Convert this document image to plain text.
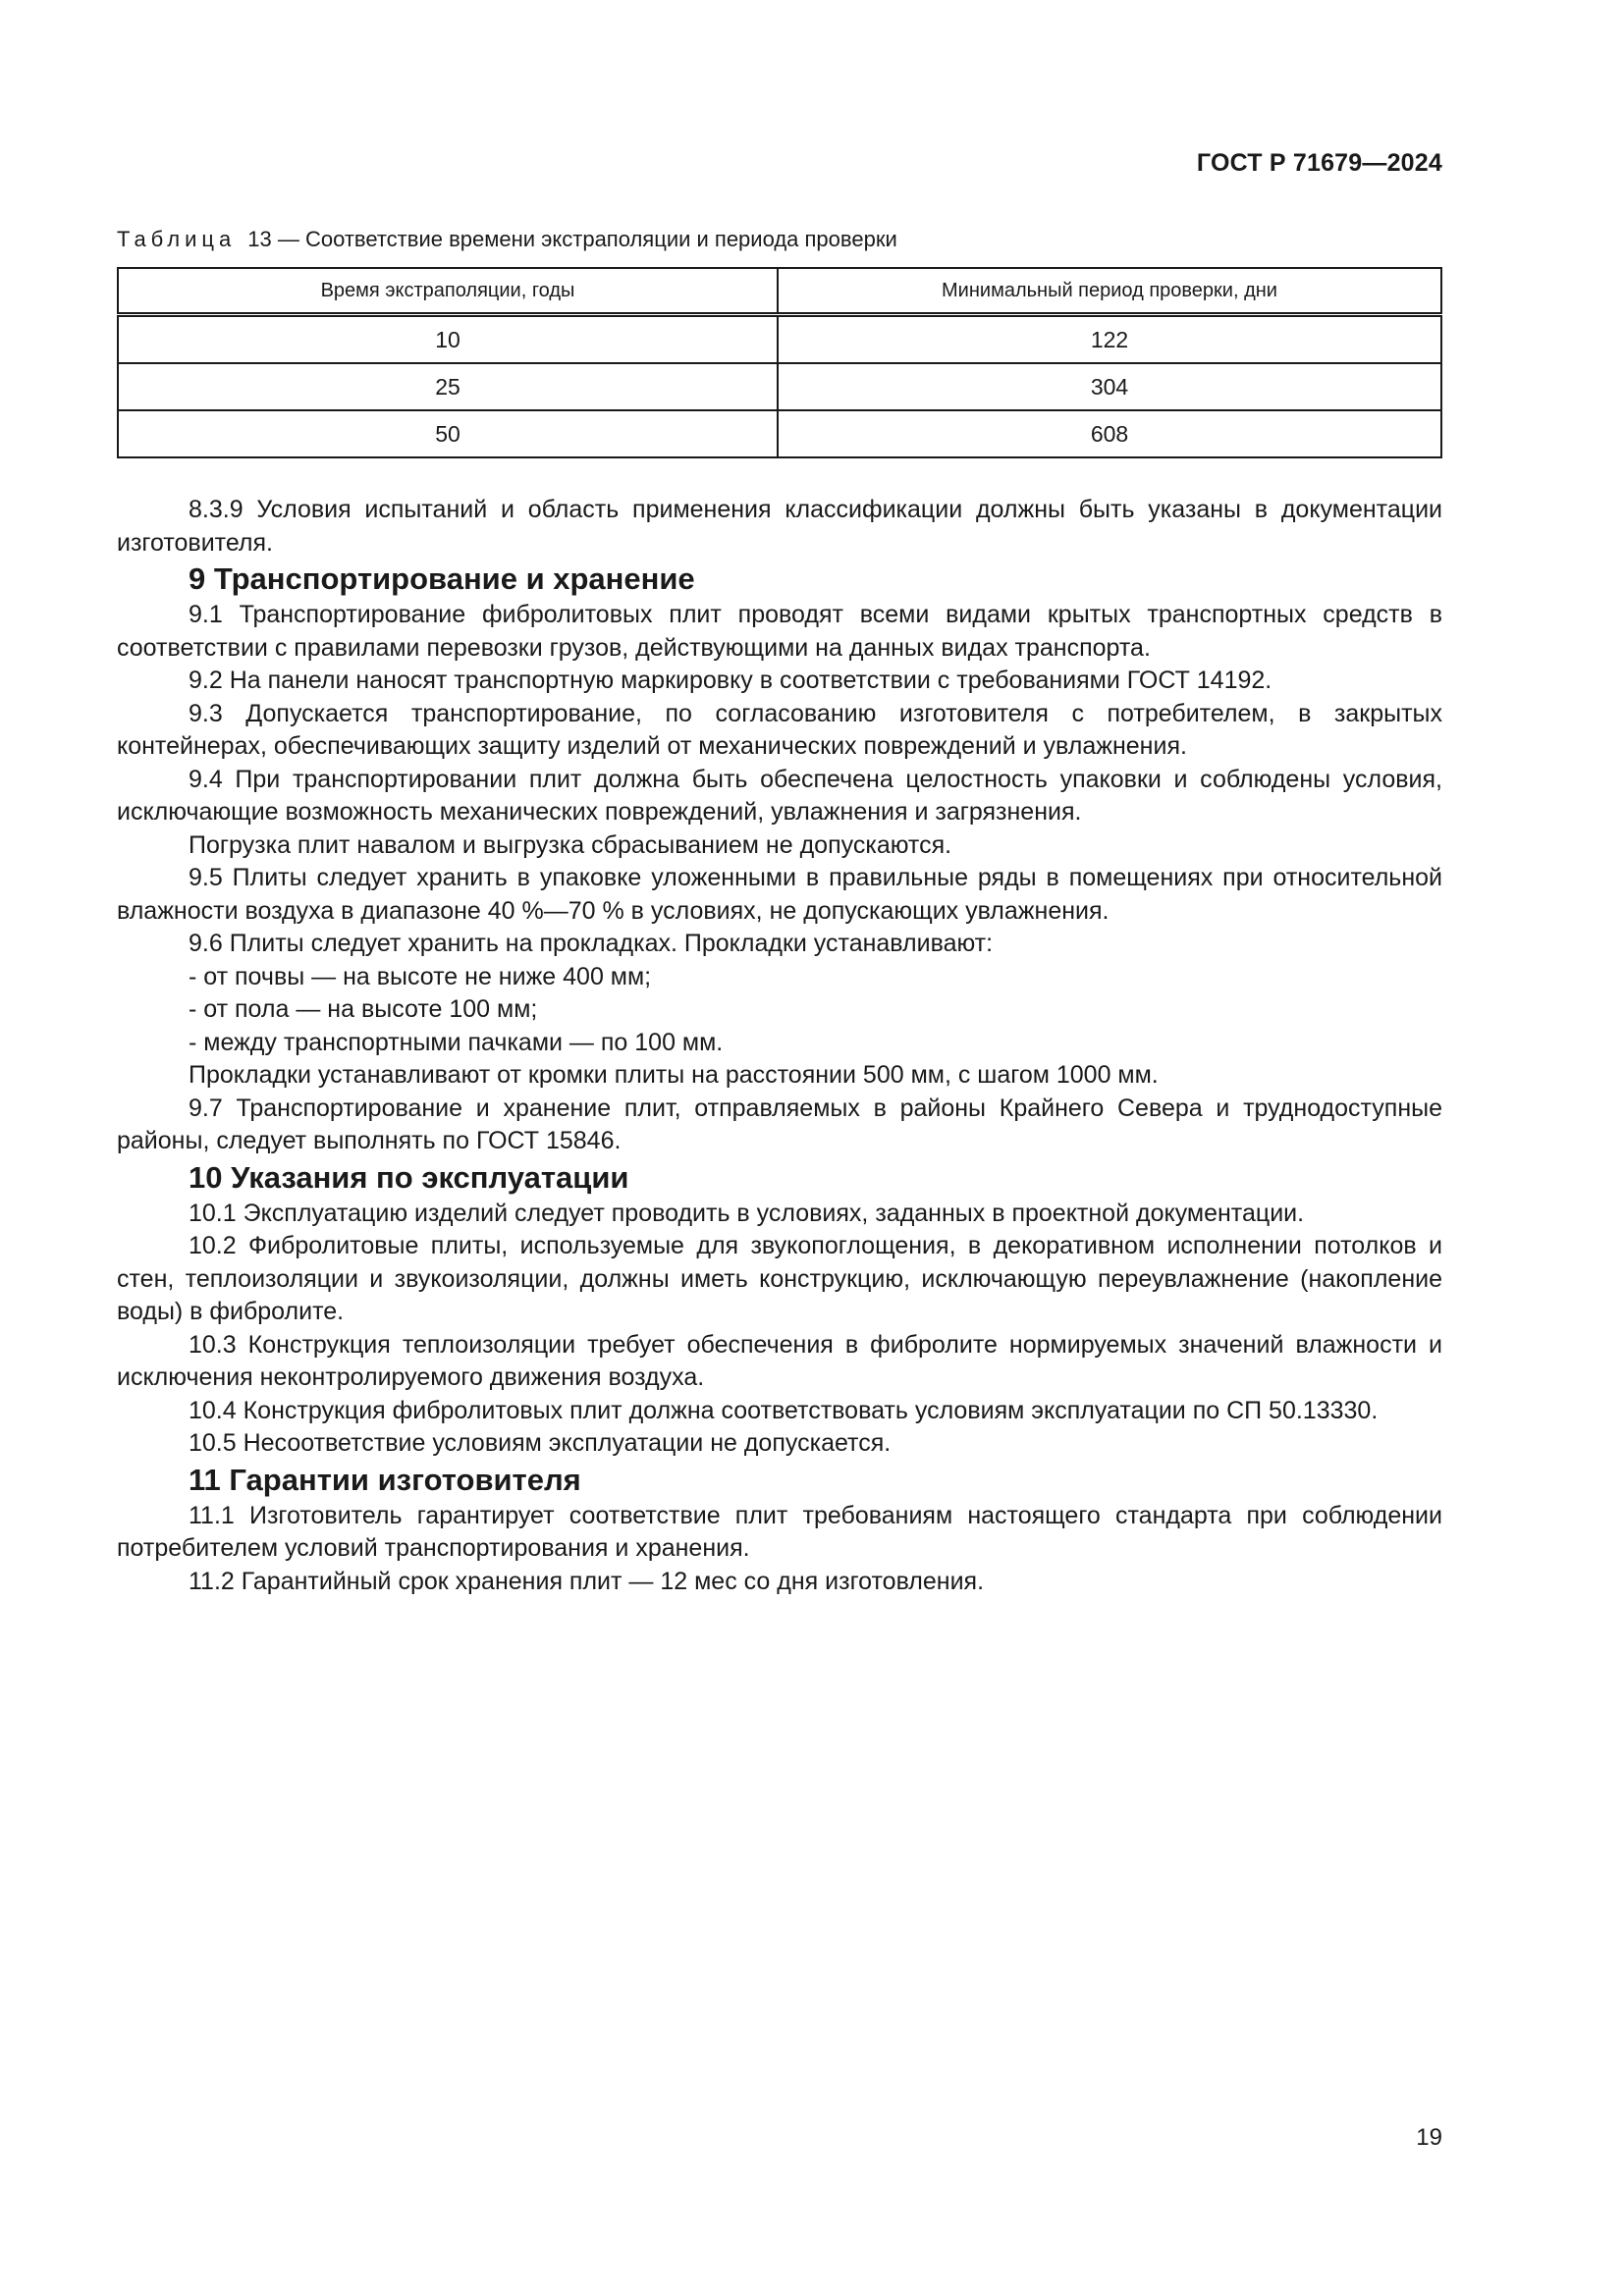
ГОСТ Р 71679—2024
Таблица 13 — Соответствие времени экстраполяции и периода проверки
Время экстраполяции, годы	Минимальный период проверки, дни
10	122
25	304
50	608

8.3.9 Условия испытаний и область применения классификации должны быть указаны в документации изготовителя.

9 Транспортирование и хранение

9.1 Транспортирование фибролитовых плит проводят всеми видами крытых транспортных средств в соответствии с правилами перевозки грузов, действующими на данных видах транспорта.

9.2 На панели наносят транспортную маркировку в соответствии с требованиями ГОСТ 14192.

9.3 Допускается транспортирование, по согласованию изготовителя с потребителем, в закрытых контейнерах, обеспечивающих защиту изделий от механических повреждений и увлажнения.

9.4 При транспортировании плит должна быть обеспечена целостность упаковки и соблюдены условия, исключающие возможность механических повреждений, увлажнения и загрязнения.

Погрузка плит навалом и выгрузка сбрасыванием не допускаются.

9.5 Плиты следует хранить в упаковке уложенными в правильные ряды в помещениях при относительной влажности воздуха в диапазоне 40 %—70 % в условиях, не допускающих увлажнения.

9.6 Плиты следует хранить на прокладках. Прокладки устанавливают:

- от почвы — на высоте не ниже 400 мм;

- от пола — на высоте 100 мм;

- между транспортными пачками — по 100 мм.

Прокладки устанавливают от кромки плиты на расстоянии 500 мм, с шагом 1000 мм.

9.7 Транспортирование и хранение плит, отправляемых в районы Крайнего Севера и труднодоступные районы, следует выполнять по ГОСТ 15846.

10 Указания по эксплуатации

10.1 Эксплуатацию изделий следует проводить в условиях, заданных в проектной документации.

10.2 Фибролитовые плиты, используемые для звукопоглощения, в декоративном исполнении потолков и стен, теплоизоляции и звукоизоляции, должны иметь конструкцию, исключающую переувлажнение (накопление воды) в фибролите.

10.3 Конструкция теплоизоляции требует обеспечения в фибролите нормируемых значений влажности и исключения неконтролируемого движения воздуха.

10.4 Конструкция фибролитовых плит должна соответствовать условиям эксплуатации по СП 50.13330.

10.5 Несоответствие условиям эксплуатации не допускается.

11 Гарантии изготовителя

11.1 Изготовитель гарантирует соответствие плит требованиям настоящего стандарта при соблюдении потребителем условий транспортирования и хранения.

11.2 Гарантийный срок хранения плит — 12 мес со дня изготовления.

19
